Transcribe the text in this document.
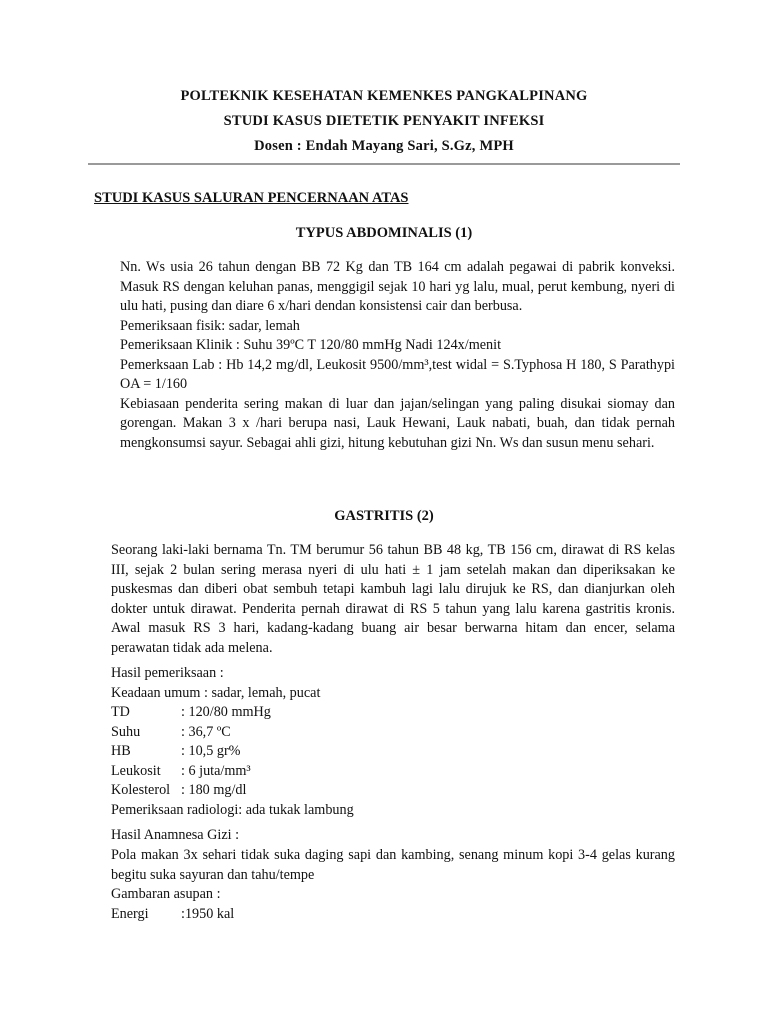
POLTEKNIK KESEHATAN KEMENKES PANGKALPINANG
STUDI KASUS DIETETIK PENYAKIT INFEKSI
Dosen : Endah Mayang Sari, S.Gz, MPH
STUDI KASUS SALURAN PENCERNAAN ATAS
TYPUS ABDOMINALIS (1)

Nn. Ws usia 26 tahun dengan BB 72 Kg dan TB 164 cm adalah pegawai di pabrik konveksi. Masuk RS dengan keluhan panas, menggigil sejak 10 hari yg lalu, mual, perut kembung, nyeri di ulu hati, pusing dan diare 6 x/hari dendan konsistensi cair dan berbusa.

Pemeriksaan fisik: sadar, lemah

Pemeriksaan Klinik : Suhu 39ºC T 120/80 mmHg Nadi 124x/menit

Pemerksaan Lab : Hb 14,2 mg/dl, Leukosit 9500/mm³,test widal = S.Typhosa H 180, S Parathypi OA = 1/160

Kebiasaan penderita sering makan di luar dan jajan/selingan yang paling disukai siomay dan gorengan. Makan 3 x /hari berupa nasi, Lauk Hewani, Lauk nabati, buah, dan tidak pernah mengkonsumsi sayur. Sebagai ahli gizi, hitung kebutuhan gizi Nn. Ws dan susun menu sehari.

GASTRITIS (2)

Seorang laki-laki bernama Tn. TM berumur 56 tahun BB 48 kg, TB 156 cm, dirawat di RS kelas III, sejak 2 bulan sering merasa nyeri di ulu hati ± 1 jam setelah makan dan diperiksakan ke puskesmas dan diberi obat sembuh tetapi kambuh lagi lalu dirujuk ke RS, dan dianjurkan oleh dokter untuk dirawat. Penderita pernah dirawat di RS 5 tahun yang lalu karena gastritis kronis. Awal masuk RS 3 hari, kadang-kadang buang air besar berwarna hitam dan encer, selama perawatan tidak ada melena.

Hasil pemeriksaan :

Keadaan umum : sadar, lemah, pucat

TD	: 120/80 mmHg
Suhu	: 36,7 ºC
HB	: 10,5 gr%
Leukosit	: 6 juta/mm³
Kolesterol : 180 mg/dl

Pemeriksaan radiologi: ada tukak lambung

Hasil Anamnesa Gizi :

Pola makan 3x sehari tidak suka daging sapi dan kambing, senang minum kopi 3-4 gelas kurang begitu suka sayuran dan tahu/tempe

Gambaran asupan :

Energi	:1950 kal
